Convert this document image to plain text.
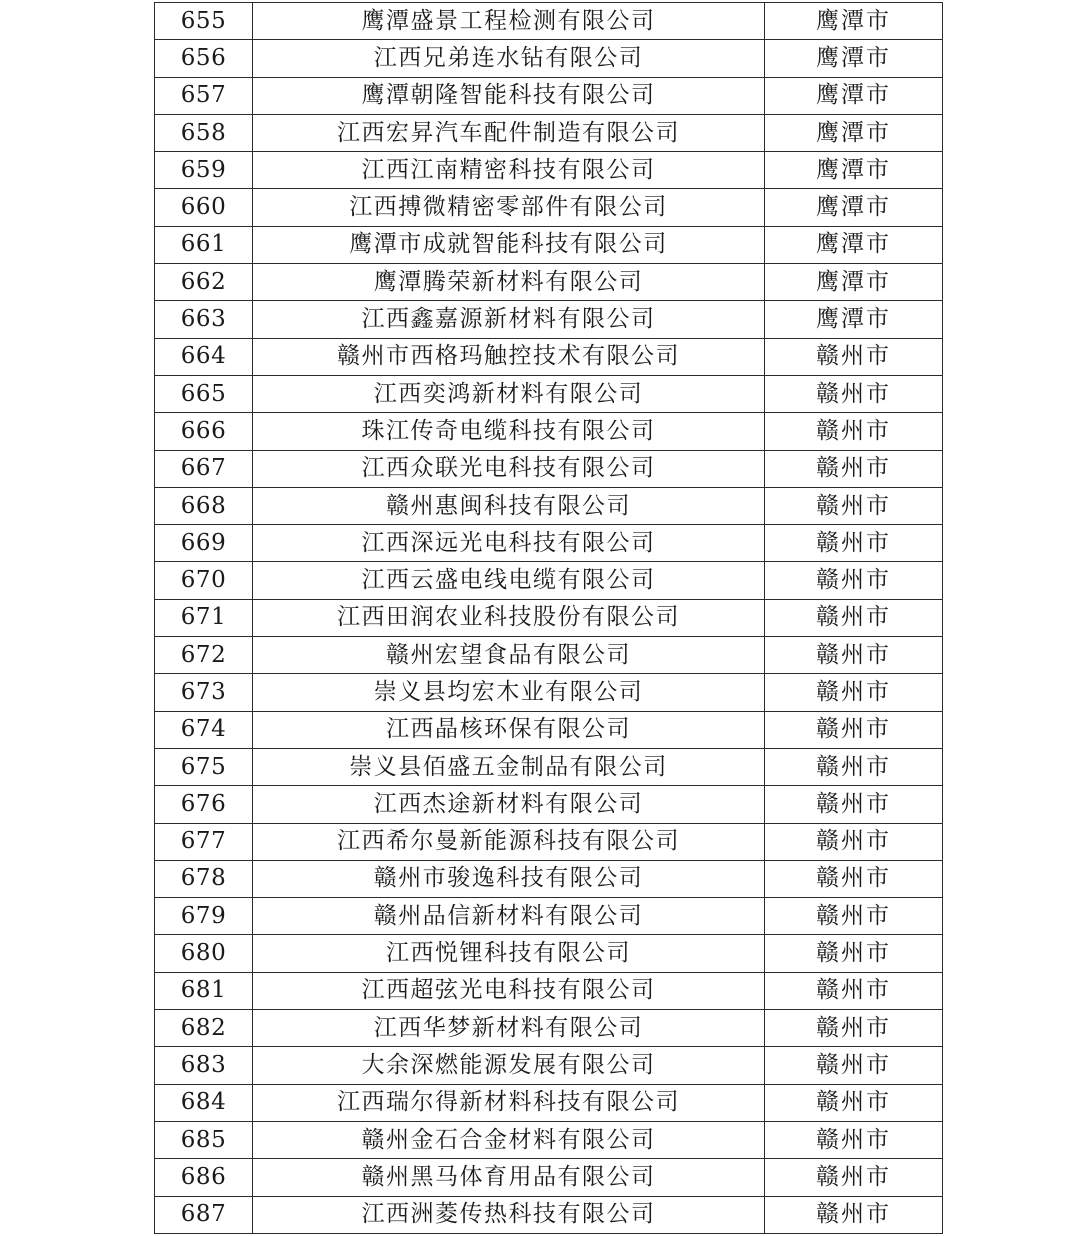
655	鹰潭盛景工程检测有限公司	鹰潭市
656	江西兄弟连水钻有限公司	鹰潭市
657	鹰潭朝隆智能科技有限公司	鹰潭市
658	江西宏昇汽车配件制造有限公司	鹰潭市
659	江西江南精密科技有限公司	鹰潭市
660	江西搏微精密零部件有限公司	鹰潭市
661	鹰潭市成就智能科技有限公司	鹰潭市
662	鹰潭腾荣新材料有限公司	鹰潭市
663	江西鑫嘉源新材料有限公司	鹰潭市
664	赣州市西格玛触控技术有限公司	赣州市
665	江西奕鸿新材料有限公司	赣州市
666	珠江传奇电缆科技有限公司	赣州市
667	江西众联光电科技有限公司	赣州市
668	赣州惠闽科技有限公司	赣州市
669	江西深远光电科技有限公司	赣州市
670	江西云盛电线电缆有限公司	赣州市
671	江西田润农业科技股份有限公司	赣州市
672	赣州宏望食品有限公司	赣州市
673	崇义县均宏木业有限公司	赣州市
674	江西晶核环保有限公司	赣州市
675	崇义县佰盛五金制品有限公司	赣州市
676	江西杰途新材料有限公司	赣州市
677	江西希尔曼新能源科技有限公司	赣州市
678	赣州市骏逸科技有限公司	赣州市
679	赣州品信新材料有限公司	赣州市
680	江西悦锂科技有限公司	赣州市
681	江西超弦光电科技有限公司	赣州市
682	江西华梦新材料有限公司	赣州市
683	大余深燃能源发展有限公司	赣州市
684	江西瑞尔得新材料科技有限公司	赣州市
685	赣州金石合金材料有限公司	赣州市
686	赣州黑马体育用品有限公司	赣州市
687	江西洲菱传热科技有限公司	赣州市
